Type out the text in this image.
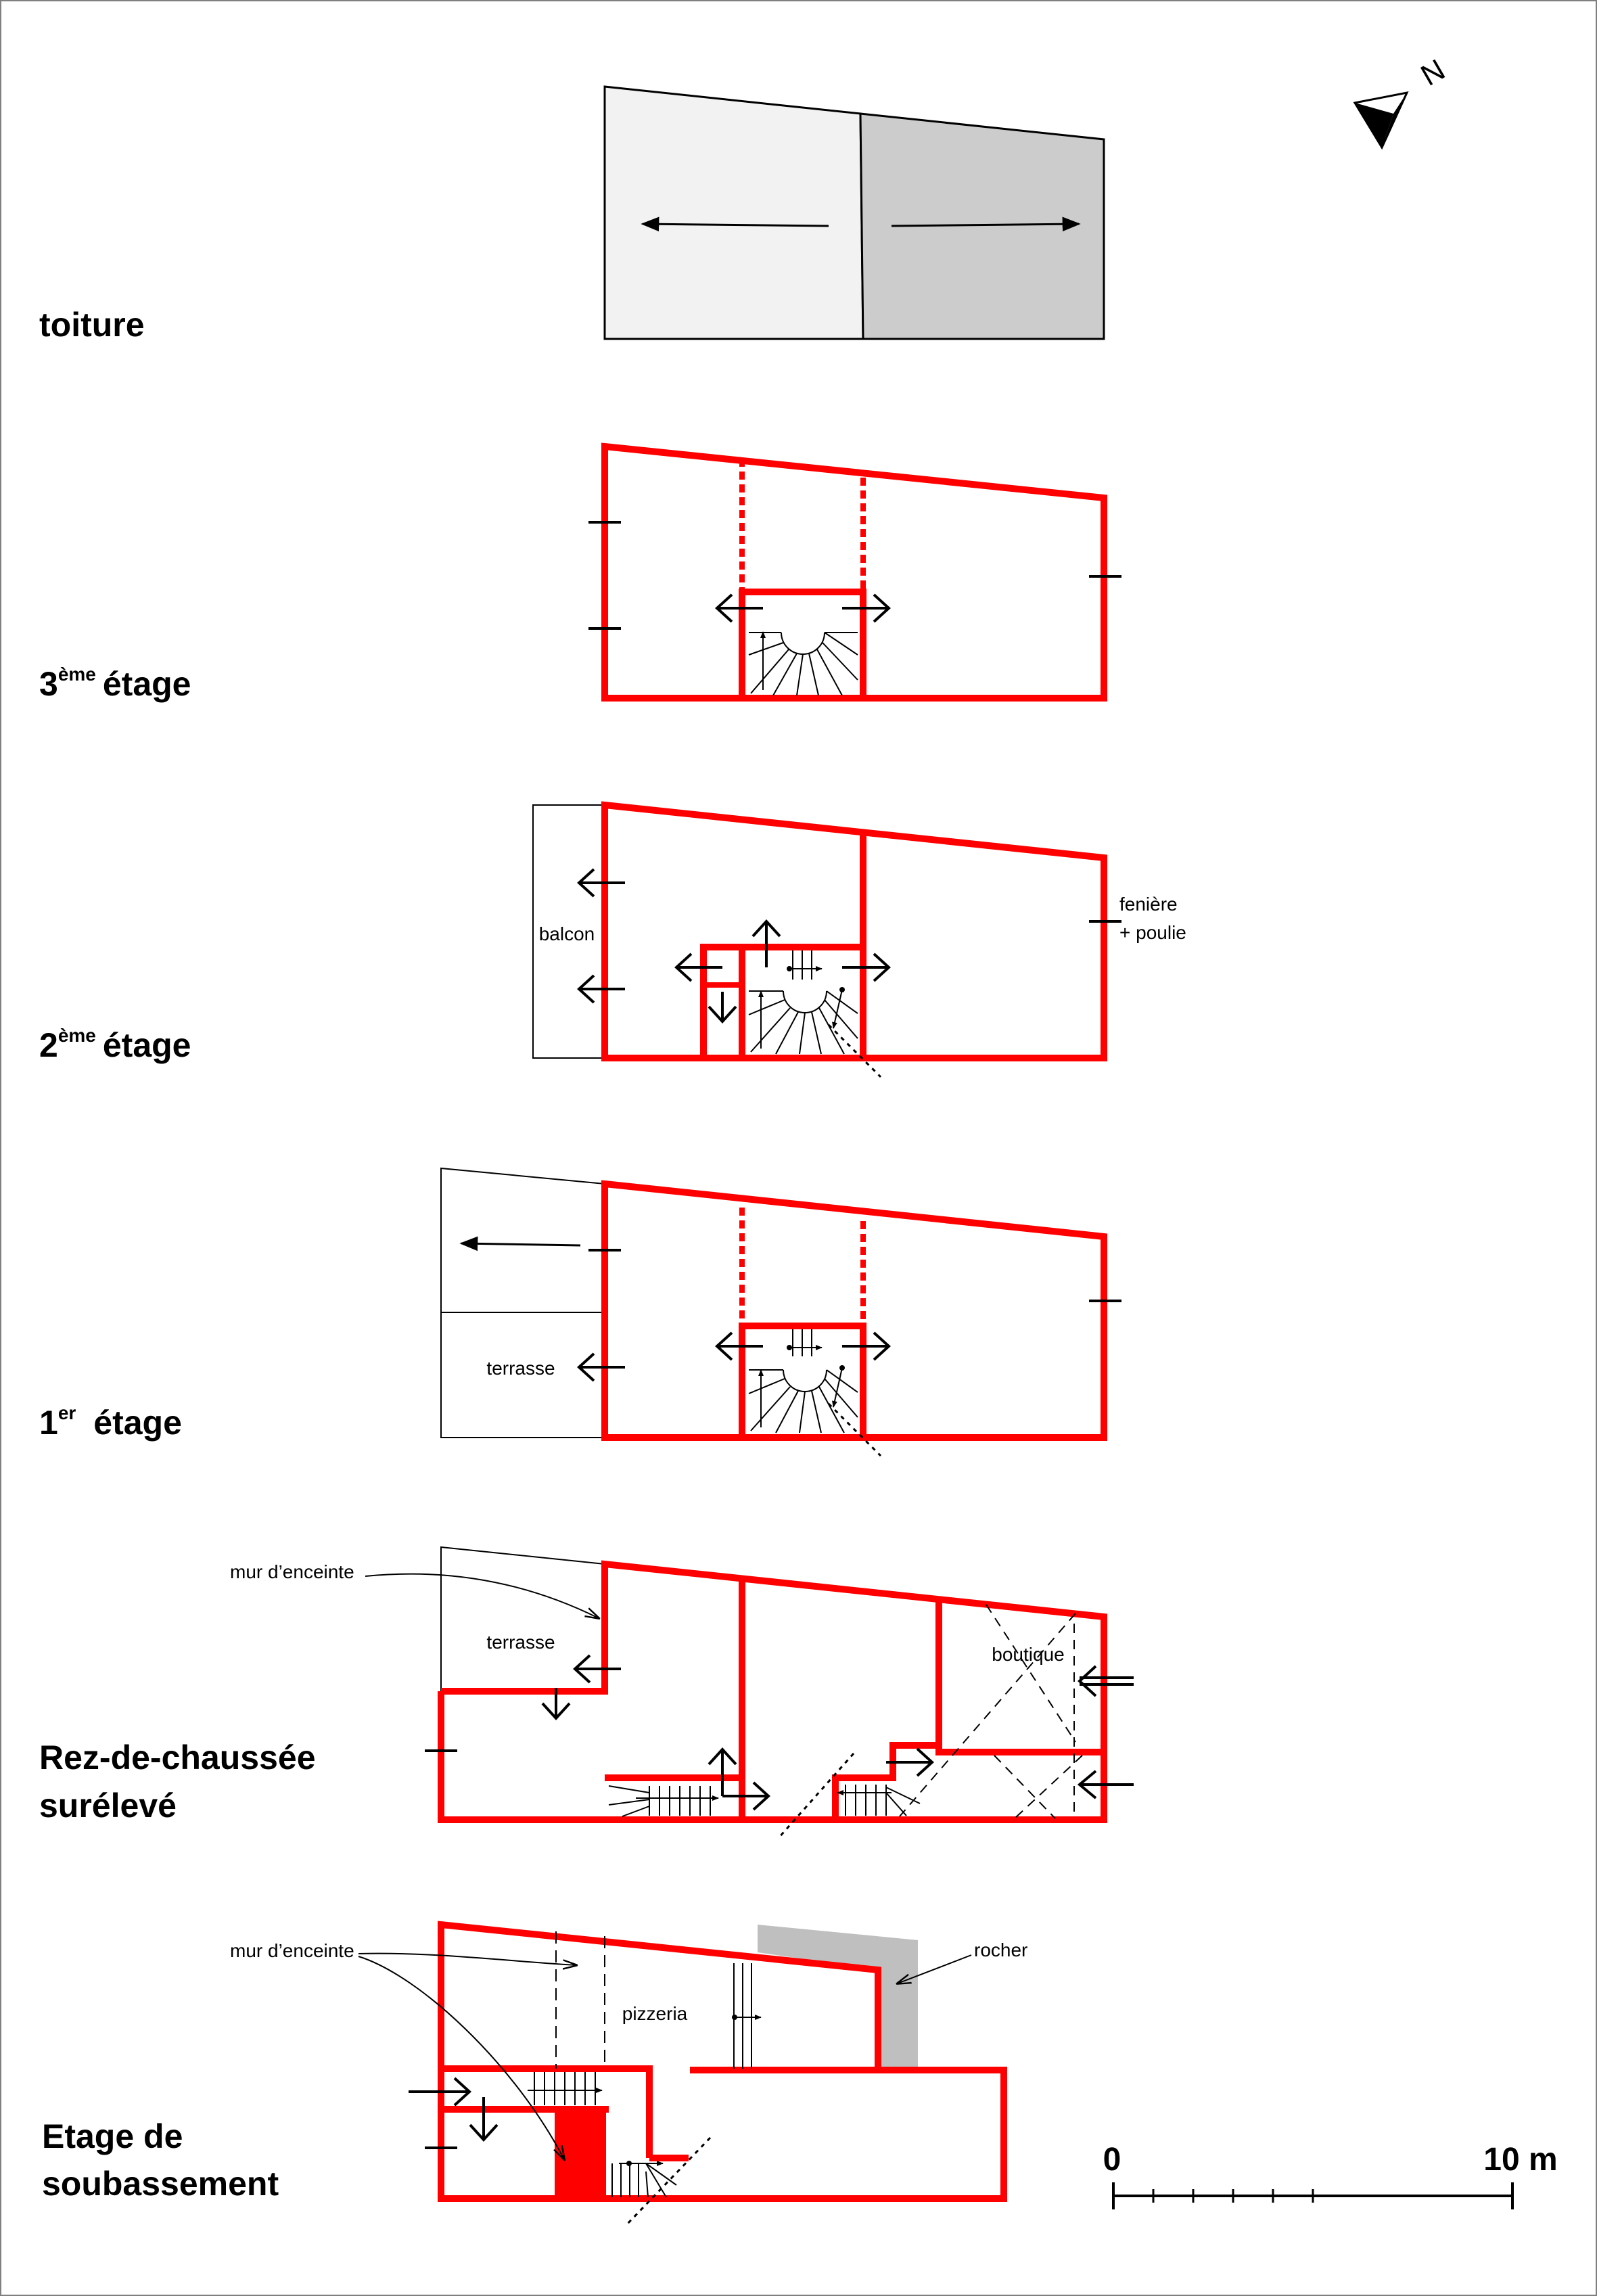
N
toiture
3ème étage
balcon
fenière
+ poulie
2ème étage
terrasse
1er étage
mur d’enceinte
terrasse
boutique
Rez-de-chaussée
surélevé
mur d’enceinte
pizzeria
rocher
Etage de
soubassement
0	10 m
